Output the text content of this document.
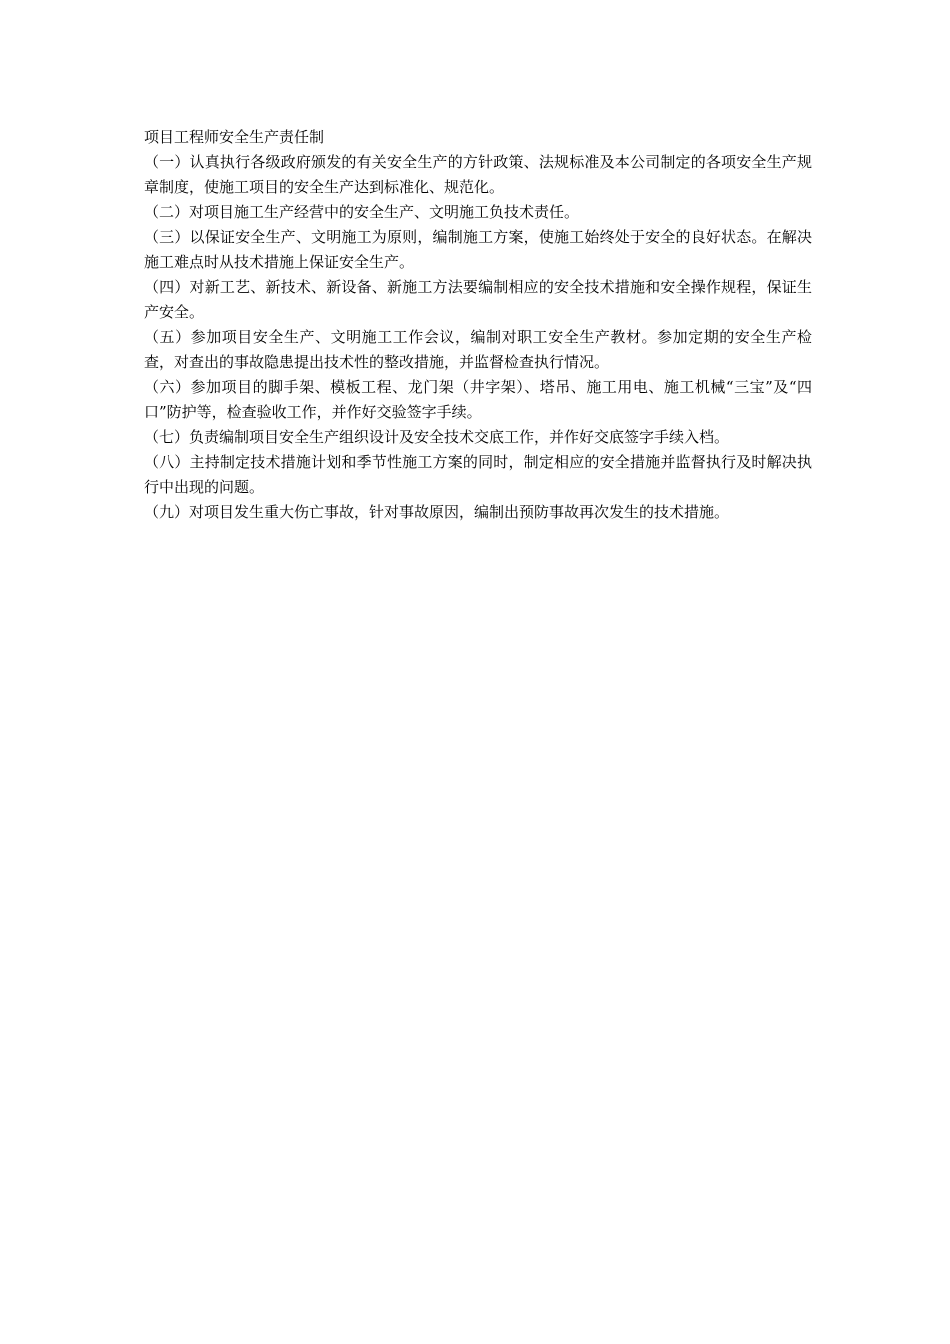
项目工程师安全生产责任制

（一）认真执行各级政府颁发的有关安全生产的方针政策、法规标准及本公司制定的各项安全生产规章制度，使施工项目的安全生产达到标准化、规范化。

（二）对项目施工生产经营中的安全生产、文明施工负技术责任。

（三）以保证安全生产、文明施工为原则，编制施工方案，使施工始终处于安全的良好状态。在解决施工难点时从技术措施上保证安全生产。

（四）对新工艺、新技术、新设备、新施工方法要编制相应的安全技术措施和安全操作规程，保证生产安全。

（五）参加项目安全生产、文明施工工作会议，编制对职工安全生产教材。参加定期的安全生产检查，对查出的事故隐患提出技术性的整改措施，并监督检查执行情况。

（六）参加项目的脚手架、模板工程、龙门架（井字架）、塔吊、施工用电、施工机械“三宝”及“四口”防护等，检查验收工作，并作好交验签字手续。

（七）负责编制项目安全生产组织设计及安全技术交底工作，并作好交底签字手续入档。

（八）主持制定技术措施计划和季节性施工方案的同时，制定相应的安全措施并监督执行及时解决执行中出现的问题。

（九）对项目发生重大伤亡事故，针对事故原因，编制出预防事故再次发生的技术措施。
